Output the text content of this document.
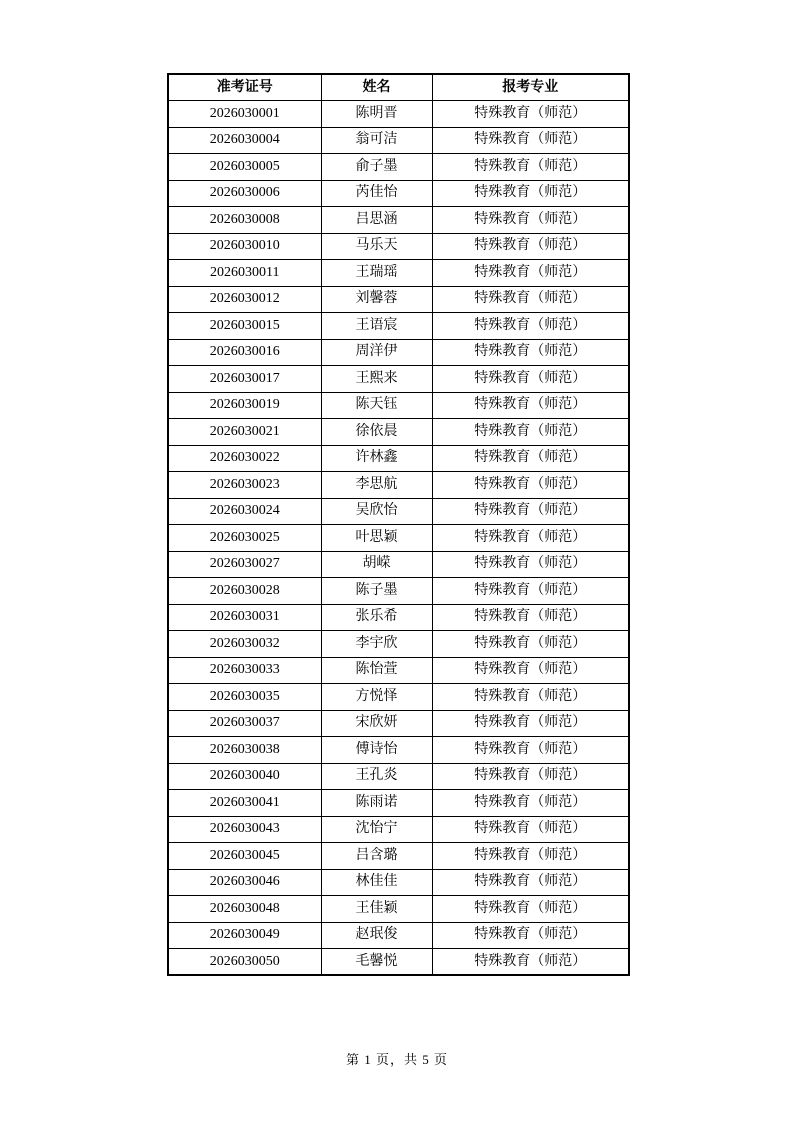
准考证号	姓名	报考专业
2026030001	陈明晋	特殊教育（师范）
2026030004	翁可洁	特殊教育（师范）
2026030005	俞子墨	特殊教育（师范）
2026030006	芮佳怡	特殊教育（师范）
2026030008	吕思涵	特殊教育（师范）
2026030010	马乐天	特殊教育（师范）
2026030011	王瑞瑶	特殊教育（师范）
2026030012	刘馨蓉	特殊教育（师范）
2026030015	王语宸	特殊教育（师范）
2026030016	周洋伊	特殊教育（师范）
2026030017	王熙来	特殊教育（师范）
2026030019	陈天钰	特殊教育（师范）
2026030021	徐依晨	特殊教育（师范）
2026030022	许林鑫	特殊教育（师范）
2026030023	李思航	特殊教育（师范）
2026030024	吴欣怡	特殊教育（师范）
2026030025	叶思颖	特殊教育（师范）
2026030027	胡嵘	特殊教育（师范）
2026030028	陈子墨	特殊教育（师范）
2026030031	张乐希	特殊教育（师范）
2026030032	李宇欣	特殊教育（师范）
2026030033	陈怡萱	特殊教育（师范）
2026030035	方悦怿	特殊教育（师范）
2026030037	宋欣妍	特殊教育（师范）
2026030038	傅诗怡	特殊教育（师范）
2026030040	王孔炎	特殊教育（师范）
2026030041	陈雨诺	特殊教育（师范）
2026030043	沈怡宁	特殊教育（师范）
2026030045	吕含璐	特殊教育（师范）
2026030046	林佳佳	特殊教育（师范）
2026030048	王佳颖	特殊教育（师范）
2026030049	赵珉俊	特殊教育（师范）
2026030050	毛馨悦	特殊教育（师范）
第 1 页，共 5 页
